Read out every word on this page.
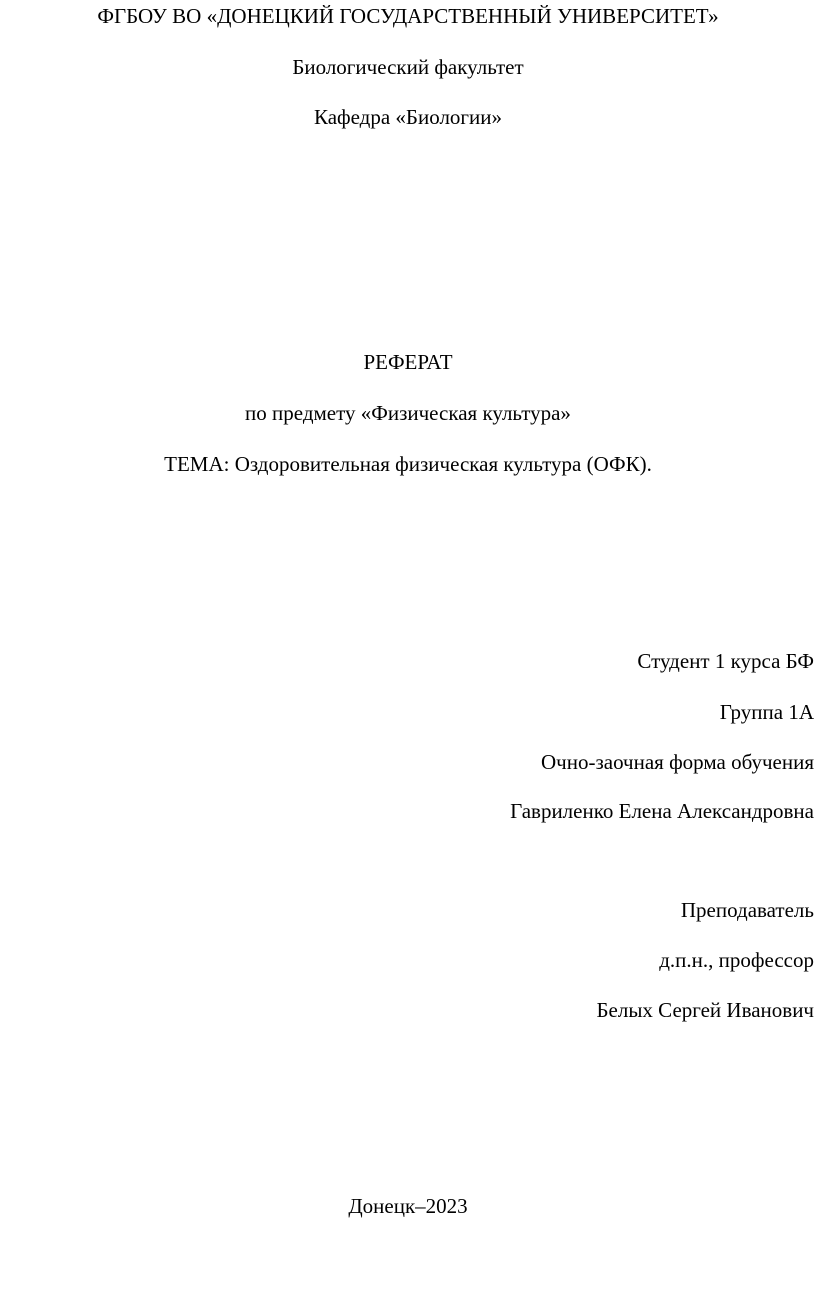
ФГБОУ ВО «ДОНЕЦКИЙ ГОСУДАРСТВЕННЫЙ УНИВЕРСИТЕТ»
Биологический факультет
Кафедра «Биологии»
РЕФЕРАТ
по предмету «Физическая культура»
ТЕМА: Оздоровительная физическая культура (ОФК).
Студент 1 курса БФ
Группа 1А
Очно-заочная форма обучения
Гавриленко Елена Александровна
Преподаватель
д.п.н., профессор
Белых Сергей Иванович
Донецк–2023
